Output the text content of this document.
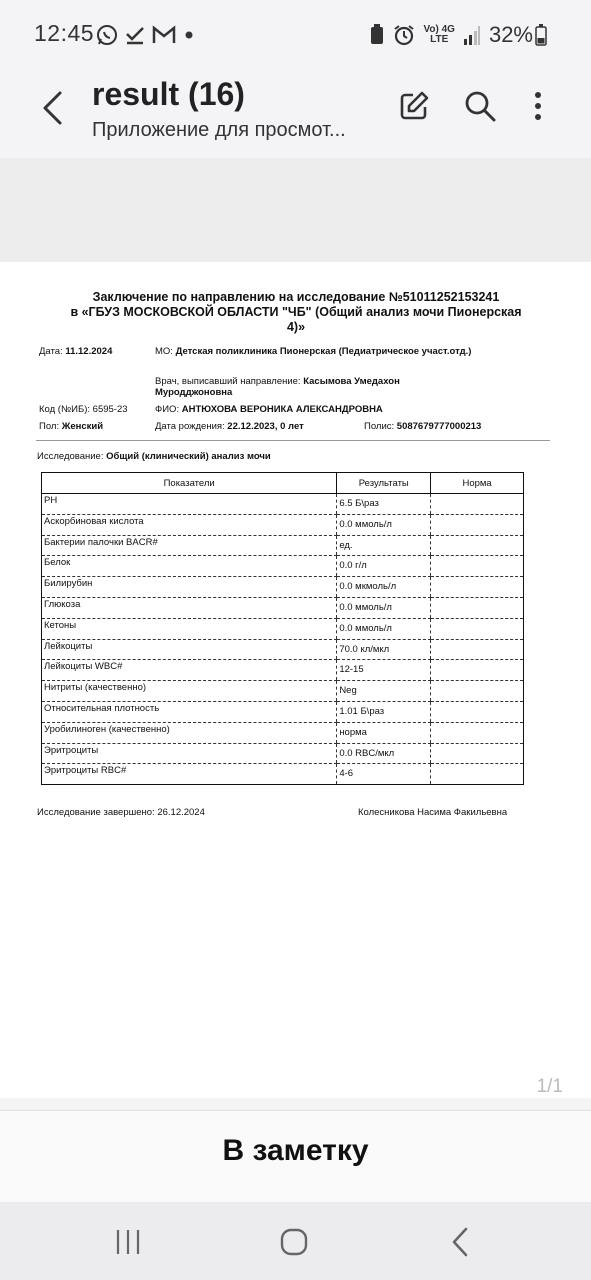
12:45	Vo) 4G
LTE	32%
result (16)
Приложение для просмот...
Заключение по направлению на исследование №51011252153241
в «ГБУЗ МОСКОВСКОЙ ОБЛАСТИ "ЧБ" (Общий анализ мочи Пионерская
4)»
Дата: 11.12.2024	МО: Детская поликлиника Пионерская (Педиатрическое участ.отд.)
Врач, выписавший направление: Касымова Умедахон Муродджоновна
Код (№ИБ): 6595-23	ФИО: АНТЮХОВА ВЕРОНИКА АЛЕКСАНДРОВНА
Пол: Женский	Дата рождения: 22.12.2023, 0 лет	Полис: 5087679777000213
Исследование: Общий (клинический) анализ мочи
Показатели	Результаты	Норма
PH	6.5 Б\раз	
Аскорбиновая кислота	0.0 ммоль/л	
Бактерии палочки BACR#	ед.	
Белок	0.0 г/л	
Билирубин	0.0 мкмоль/л	
Глюкоза	0.0 ммоль/л	
Кетоны	0.0 ммоль/л	
Лейкоциты	70.0 кл/мкл	
Лейкоциты WBC#	12-15	
Нитриты (качественно)	Neg	
Относительная плотность	1.01 Б\раз	
Уробилиноген (качественно)	норма	
Эритроциты	0.0 RBC/мкл	
Эритроциты RBC#	4-6	
Исследование завершено: 26.12.2024	Колесникова Насима Факильевна
1/1
В заметку
